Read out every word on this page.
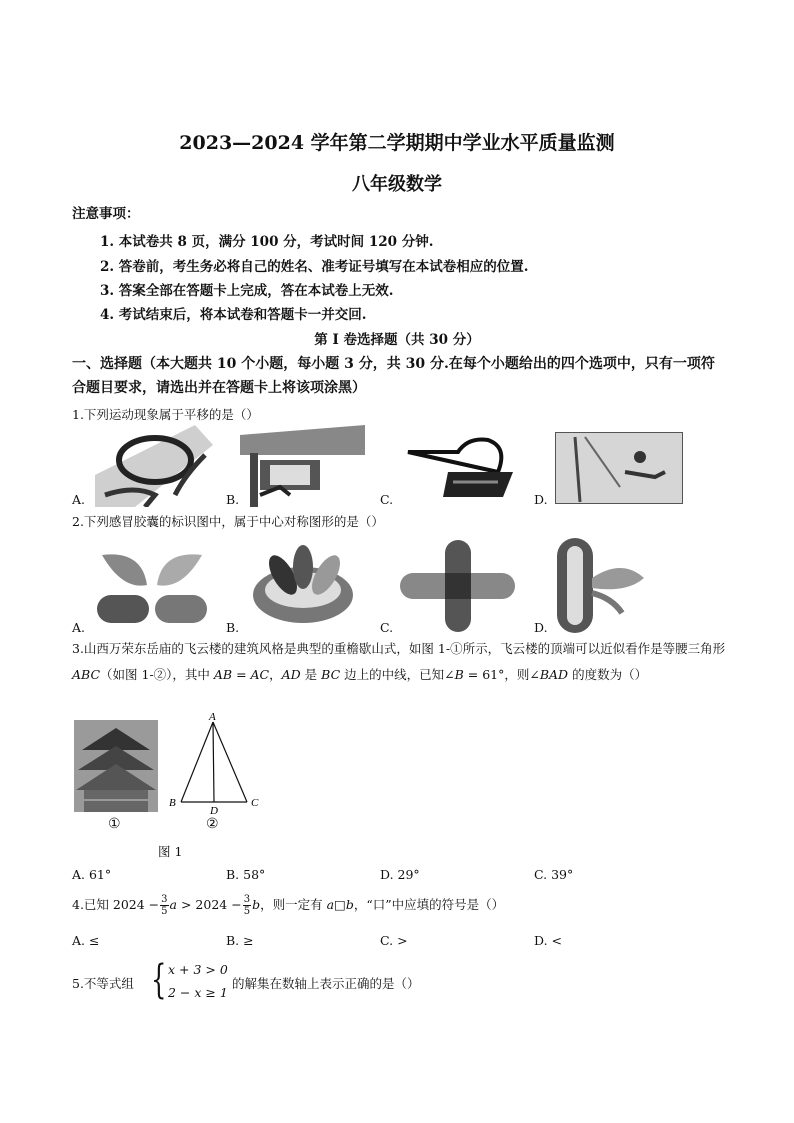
2023—2024 学年第二学期期中学业水平质量监测
八年级数学
注意事项：
1. 本试卷共 8 页，满分 100 分，考试时间 120 分钟.
2. 答卷前，考生务必将自己的姓名、准考证号填写在本试卷相应的位置.
3. 答案全部在答题卡上完成，答在本试卷上无效.
4. 考试结束后，将本试卷和答题卡一并交回.
第 I 卷选择题（共 30 分）
一、选择题（本大题共 10 个小题，每小题 3 分，共 30 分.在每个小题给出的四个选项中，只有一项符合题目要求，请选出并在答题卡上将该项涂黑）
1.下列运动现象属于平移的是（）
A.	B.	C.	D.
2.下列感冒胶囊的标识图中，属于中心对称图形的是（）
A.	B.	C.	D.
3.山西万荣东岳庙的飞云楼的建筑风格是典型的重檐歇山式，如图 1-①所示，飞云楼的顶端可以近似看作是等腰三角形 ABC（如图 1-②），其中 AB = AC，AD 是 BC 边上的中线，已知∠B = 61°，则∠BAD 的度数为（）
①
A
B
D
C
②
图 1
A. 61°	B. 58°	D. 29°	C. 39°
4.已知 $2024 - \frac{3}{5}$ $a > 2024 - \frac{3}{5}$ b，则一定有 a□b，“口”中应填的符号是（）
A. ≤	B. ≥	C. >	D. <
5.不等式组 { x + 3 > 0
2 − x ≥ 1
的解集在数轴上表示正确的是（）
